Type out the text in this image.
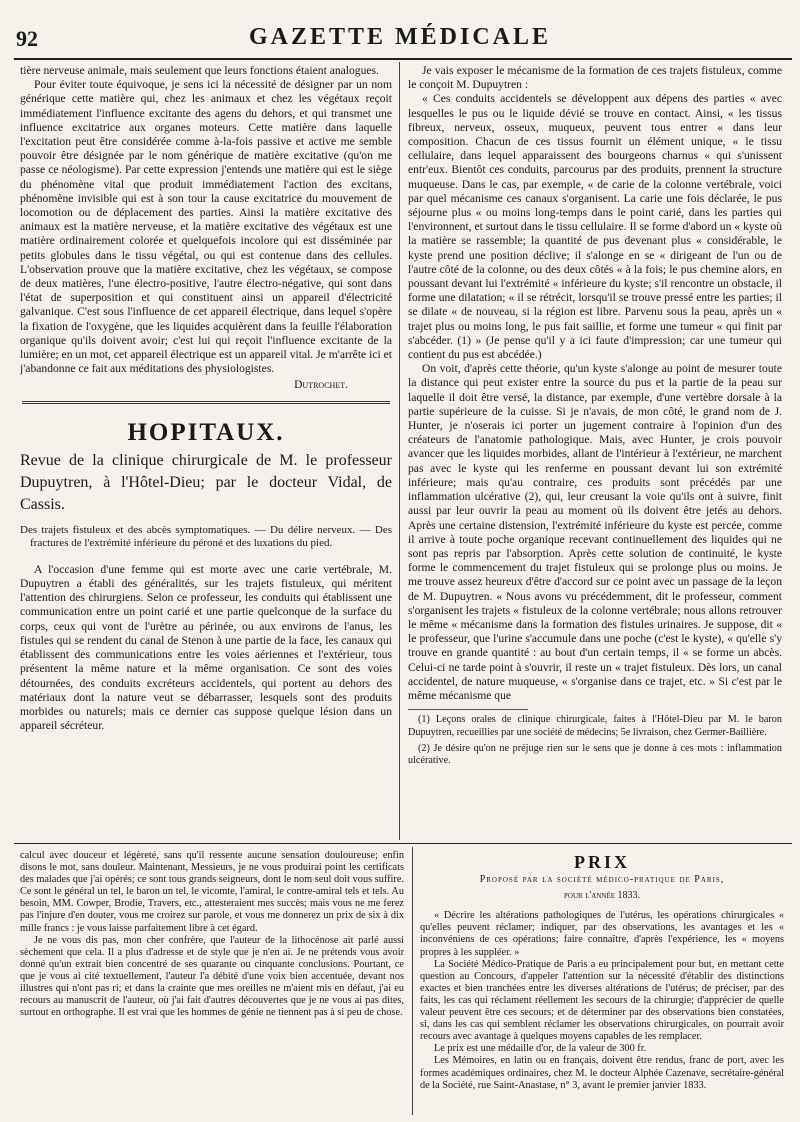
92	GAZETTE MÉDICALE

tière nerveuse animale, mais seulement que leurs fonctions étaient analogues.

Pour éviter toute équivoque, je sens ici la nécessité de désigner par un nom générique cette matière qui, chez les animaux et chez les végétaux reçoit immédiatement l'influence excitante des agens du dehors, et qui transmet une influence excitatrice aux organes moteurs. Cette matière dans laquelle l'excitation peut être considérée comme à-la-fois passive et active me semble pouvoir être désignée par le nom générique de matière excitative (qu'on me passe ce néologisme). Par cette expression j'entends une matière qui est le siège du phénomène vital que produit immédiatement l'action des excitans, phénomène invisible qui est à son tour la cause excitatrice du mouvement de locomotion ou de déplacement des parties. Ainsi la matière excitative des animaux est la matière nerveuse, et la matière excitative des végétaux est une matière ordinairement colorée et quelquefois incolore qui est disséminée par petits globules dans le tissu végétal, ou qui est contenue dans des cellules. L'observation prouve que la matière excitative, chez les végétaux, se compose de deux matières, l'une électro-positive, l'autre électro-négative, qui sont dans l'état de superposition et qui constituent ainsi un appareil d'électricité galvanique. C'est sous l'influence de cet appareil électrique, dans lequel s'opère la fixation de l'oxygène, que les liquides acquièrent dans la feuille l'élaboration organique qu'ils doivent avoir; c'est lui qui reçoit l'influence excitante de la lumière; en un mot, cet appareil électrique est un appareil vital. Je m'arrête ici et j'abandonne ce fait aux méditations des physiologistes.

Dutrochet.
HOPITAUX.
Revue de la clinique chirurgicale de M. le professeur Dupuytren, à l'Hôtel-Dieu; par le docteur Vidal, de Cassis.
Des trajets fistuleux et des abcès symptomatiques. — Du délire nerveux. — Des fractures de l'extrémité inférieure du péroné et des luxations du pied.

A l'occasion d'une femme qui est morte avec une carie vertébrale, M. Dupuytren a établi des généralités, sur les trajets fistuleux, qui méritent l'attention des chirurgiens. Selon ce professeur, les conduits qui établissent une communication entre un point carié et une partie quelconque de la surface du corps, ceux qui vont de l'urètre au périnée, ou aux environs de l'anus, les fistules qui se rendent du canal de Stenon à une partie de la face, les canaux qui établissent des communications entre les voies aériennes et l'extérieur, tous présentent la même nature et la même organisation. Ce sont des voies détournées, des conduits excréteurs accidentels, qui portent au dehors des matériaux dont la nature veut se débarrasser, lesquels sont des produits morbides ou naturels; mais ce dernier cas suppose quelque lésion dans un appareil sécréteur.

Je vais exposer le mécanisme de la formation de ces trajets fistuleux, comme le conçoit M. Dupuytren :

« Ces conduits accidentels se développent aux dépens des parties « avec lesquelles le pus ou le liquide dévié se trouve en contact. Ainsi, « les tissus fibreux, nerveux, osseux, muqueux, peuvent tous entrer « dans leur composition. Chacun de ces tissus fournit un élément unique, « le tissu cellulaire, dans lequel apparaissent des bourgeons charnus « qui s'unissent entr'eux. Bientôt ces conduits, parcourus par des produits, prennent la structure muqueuse. Dans le cas, par exemple, « de carie de la colonne vertébrale, voici par quel mécanisme ces canaux s'organisent. La carie une fois déclarée, le pus séjourne plus « ou moins long-temps dans le point carié, dans les parties qui l'environnent, et surtout dans le tissu cellulaire. Il se forme d'abord un « kyste où la matière se rassemble; la quantité de pus devenant plus « considérable, le kyste prend une position déclive; il s'alonge en se « dirigeant de l'un ou de l'autre côté de la colonne, ou des deux côtés « à la fois; le pus chemine alors, en poussant devant lui l'extrémité « inférieure du kyste; s'il rencontre un obstacle, il forme une dilatation; « il se rétrécit, lorsqu'il se trouve pressé entre les parties; il se dilate « de nouveau, si la région est libre. Parvenu sous la peau, après un « trajet plus ou moins long, le pus fait saillie, et forme une tumeur « qui finit par s'abcéder. (1) » (Je pense qu'il y a ici faute d'impression; car une tumeur qui contient du pus est abcédée.)

On voit, d'après cette théorie, qu'un kyste s'alonge au point de mesurer toute la distance qui peut exister entre la source du pus et la partie de la peau sur laquelle il doit être versé, la distance, par exemple, d'une vertèbre dorsale à la partie supérieure de la cuisse. Si je n'avais, de mon côté, le grand nom de J. Hunter, je n'oserais ici porter un jugement contraire à l'opinion d'un des créateurs de l'anatomie pathologique. Mais, avec Hunter, je crois pouvoir avancer que les liquides morbides, allant de l'intérieur à l'extérieur, ne marchent pas avec le kyste qui les renferme en poussant devant lui son extrémité inférieure; mais qu'au contraire, ces produits sont précédés par une inflammation ulcérative (2), qui, leur creusant la voie qu'ils ont à suivre, finit aussi par leur ouvrir la peau au moment où ils doivent être jetés au dehors. Après une certaine distension, l'extrémité inférieure du kyste est percée, comme il arrive à toute poche organique recevant continuellement des liquides qui ne sont pas repris par l'absorption. Après cette solution de continuité, le kyste forme le commencement du trajet fistuleux qui se prolonge plus ou moins. Je me trouve assez heureux d'être d'accord sur ce point avec un passage de la leçon de M. Dupuytren. « Nous avons vu précédemment, dit le professeur, comment s'organisent les trajets « fistuleux de la colonne vertébrale; nous allons retrouver le même « mécanisme dans la formation des fistules urinaires. Je suppose, dit « le professeur, que l'urine s'accumule dans une poche (c'est le kyste), « qu'elle s'y trouve en grande quantité : au bout d'un certain temps, il « se forme un abcès. Celui-ci ne tarde point à s'ouvrir, il reste un « trajet fistuleux. Dès lors, un canal accidentel, de nature muqueuse, « s'organise dans ce trajet, etc. » Si c'est par le même mécanisme que

(1) Leçons orales de clinique chirurgicale, faites à l'Hôtel-Dieu par M. le baron Dupuytren, recueillies par une société de médecins; 5e livraison, chez Germer-Baillière.

(2) Je désire qu'on ne préjuge rien sur le sens que je donne à ces mots : inflammation ulcérative.

calcul avec douceur et légèreté, sans qu'il ressente aucune sensation douloureuse; enfin disons le mot, sans douleur. Maintenant, Messieurs, je ne vous produirai point les certificats des malades que j'ai opérés; ce sont tous grands seigneurs, dont le nom seul doit vous suffire. Ce sont le général un tel, le baron un tel, le vicomte, l'amiral, le contre-amiral tels et tels. Au besoin, MM. Cowper, Brodie, Travers, etc., attesteraient mes succès; mais vous ne me ferez pas l'injure d'en douter, vous me croirez sur parole, et vous me donnerez un prix de six à dix mille francs : je vous laisse parfaitement libre à cet égard.

Je ne vous dis pas, mon cher confrère, que l'auteur de la lithocénose ait parlé aussi sèchement que cela. Il a plus d'adresse et de style que je n'en ai. Je ne prétends vous avoir donné qu'un extrait bien concentré de ses quarante ou cinquante conclusions. Pourtant, ce que je vous ai cité textuellement, l'auteur l'a débité d'une voix bien accentuée, devant nos illustres qui n'ont pas ri; et dans la crainte que mes oreilles ne m'aient mis en défaut, j'ai eu recours au manuscrit de l'auteur, où j'ai fait d'autres découvertes que je ne vous ai pas dites, surtout en orthographe. Il est vrai que les hommes de génie ne tiennent pas à si peu de chose.

PRIX
Proposé par la société médico-pratique de Paris,
pour l'année 1833.

« Décrire les altérations pathologiques de l'utérus, les opérations chirurgicales « qu'elles peuvent réclamer; indiquer, par des observations, les avantages et les « inconvéniens de ces opérations; faire connaître, d'après l'expérience, les « moyens propres à les suppléer. »

La Société Médico-Pratique de Paris a eu principalement pour but, en mettant cette question au Concours, d'appeler l'attention sur la nécessité d'établir des distinctions exactes et bien tranchées entre les diverses altérations de l'utérus; de préciser, par des faits, les cas qui réclament réellement les secours de la chirurgie; d'apprécier de quelle valeur peuvent être ces secours; et de déterminer par des observations bien constatées, si, dans les cas qui semblent réclamer les observations chirurgicales, on pourrait avoir recours avec avantage à quelques moyens capables de les remplacer.

Le prix est une médaille d'or, de la valeur de 300 fr.

Les Mémoires, en latin ou en français, doivent être rendus, franc de port, avec les formes académiques ordinaires, chez M. le docteur Alphée Cazenave, secrétaire-général de la Société, rue Saint-Anastase, n° 3, avant le premier janvier 1833.
